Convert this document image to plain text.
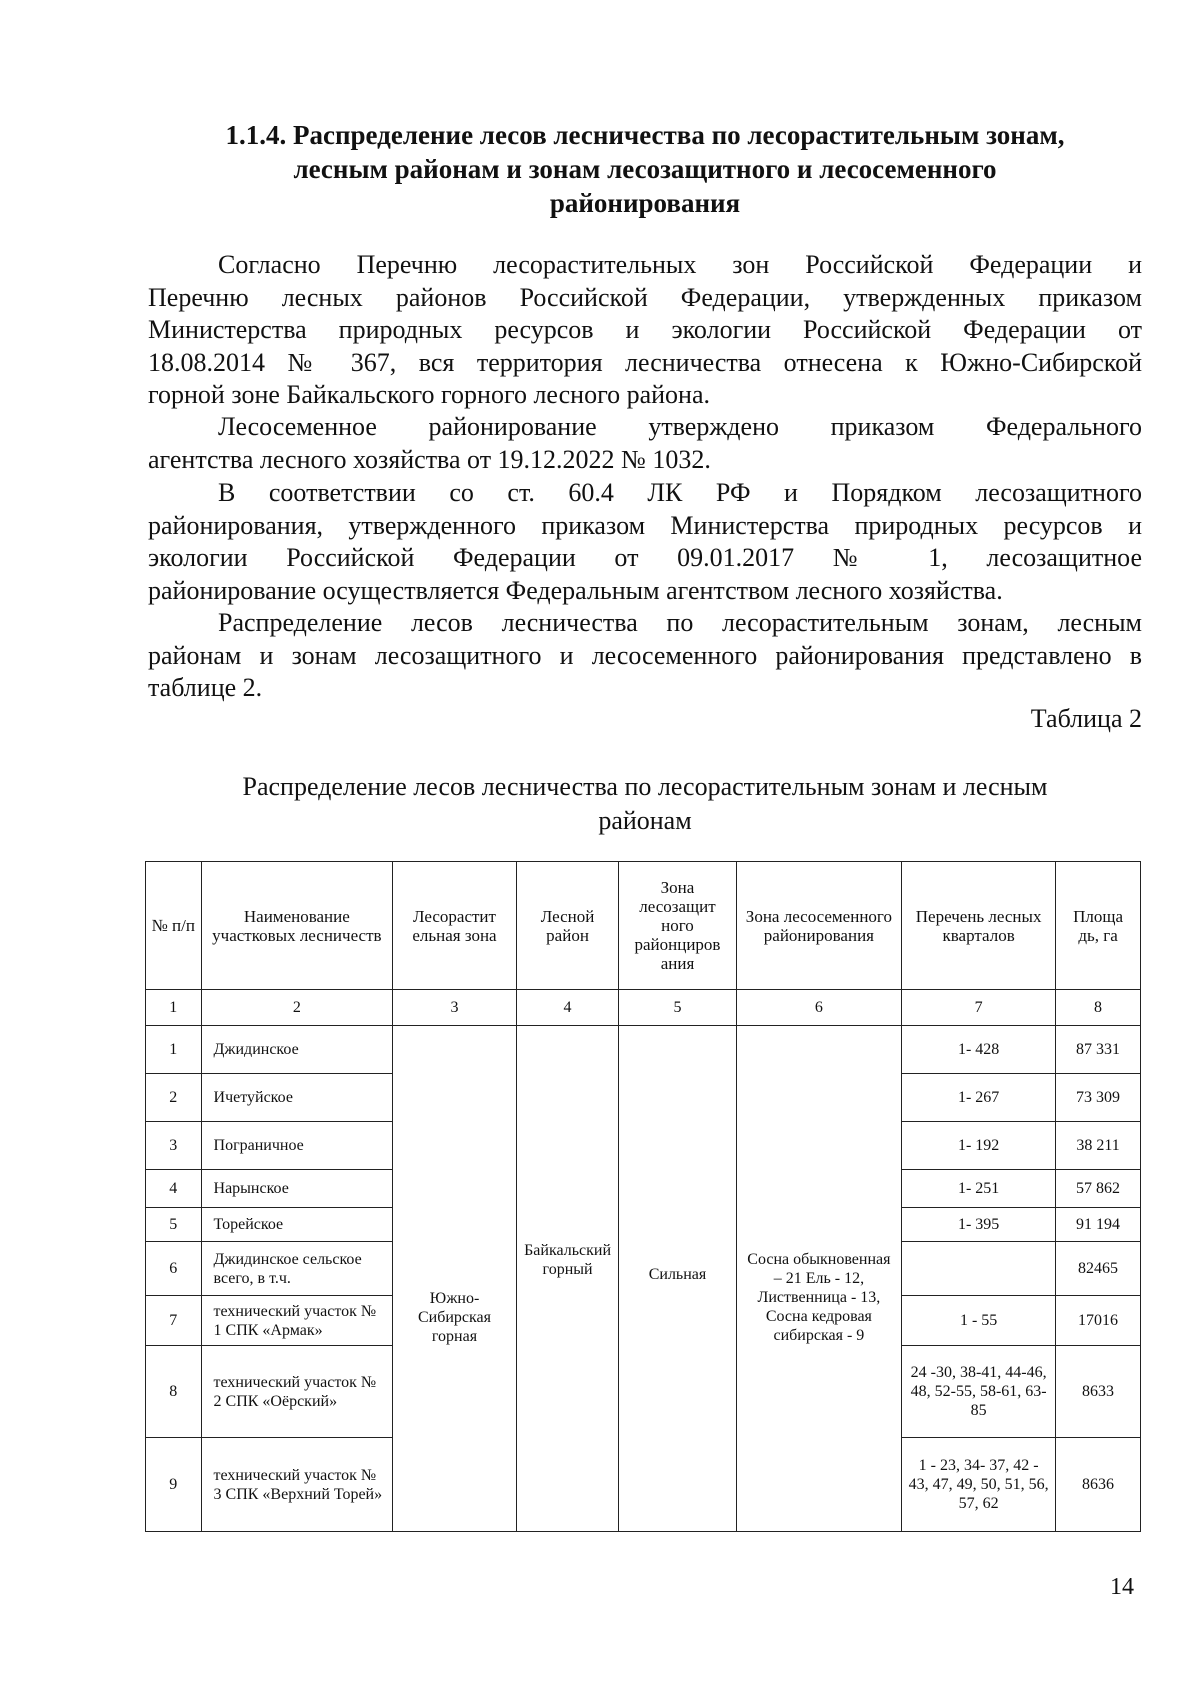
1.1.4. Распределение лесов лесничества по лесорастительным зонам,
лесным районам и зонам лесозащитного и лесосеменного
районирования

Согласно Перечню лесорастительных зон Российской Федерации и
Перечню лесных районов Российской Федерации, утвержденных приказом
Министерства природных ресурсов и экологии Российской Федерации от
18.08.2014 № 367, вся территория лесничества отнесена к Южно-Сибирской
горной зоне Байкальского горного лесного района.

Лесосеменное районирование утверждено приказом Федерального
агентства лесного хозяйства от 19.12.2022 № 1032.

В соответствии со ст. 60.4 ЛК РФ и Порядком лесозащитного
районирования, утвержденного приказом Министерства природных ресурсов и
экологии Российской Федерации от 09.01.2017 № 1, лесозащитное
районирование осуществляется Федеральным агентством лесного хозяйства.

Распределение лесов лесничества по лесорастительным зонам, лесным
районам и зонам лесозащитного и лесосеменного районирования представлено в
таблице 2.

Таблица 2

Распределение лесов лесничества по лесорастительным зонам и лесным
районам
№ п/п	Наименование участковых лесничеств	Лесорастит ельная зона	Лесной район	Зона лесозащит ного районциров ания	Зона лесосеменного районирования	Перечень лесных кварталов	Площа дь, га
1	2	3	4	5	6	7	8
1	Джидинское	Южно-Сибирская горная	Байкальский горный	Сильная	Сосна обыкновенная – 21 Ель - 12, Лиственница - 13, Сосна кедровая сибирская - 9	1- 428	87 331
2	Ичетуйское					1- 267	73 309
3	Пограничное					1- 192	38 211
4	Нарынское					1- 251	57 862
5	Торейское					1- 395	91 194
6	Джидинское сельское всего, в т.ч.						82465
7	технический участок № 1 СПК «Армак»					1 - 55	17016
8	технический участок № 2 СПК «Оёрский»					24 -30, 38-41, 44-46, 48, 52-55, 58-61, 63- 85	8633
9	технический участок № 3 СПК «Верхний Торей»					1 - 23, 34- 37, 42 - 43, 47, 49, 50, 51, 56, 57, 62	8636

14
